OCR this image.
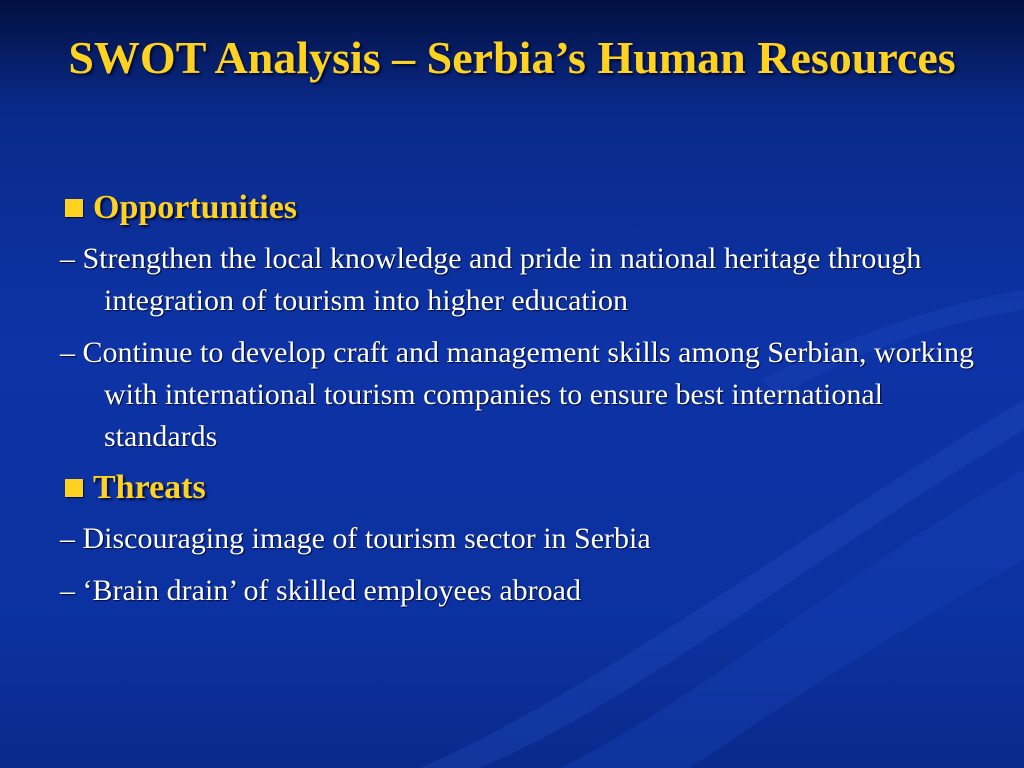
SWOT Analysis – Serbia’s Human Resources
Opportunities
– Strengthen the local knowledge and pride in national heritage through integration of tourism into higher education
– Continue to develop craft and management skills among Serbian, working with international tourism companies to ensure best international standards
Threats
– Discouraging image of tourism sector in Serbia
– ‘Brain drain’ of skilled employees abroad
